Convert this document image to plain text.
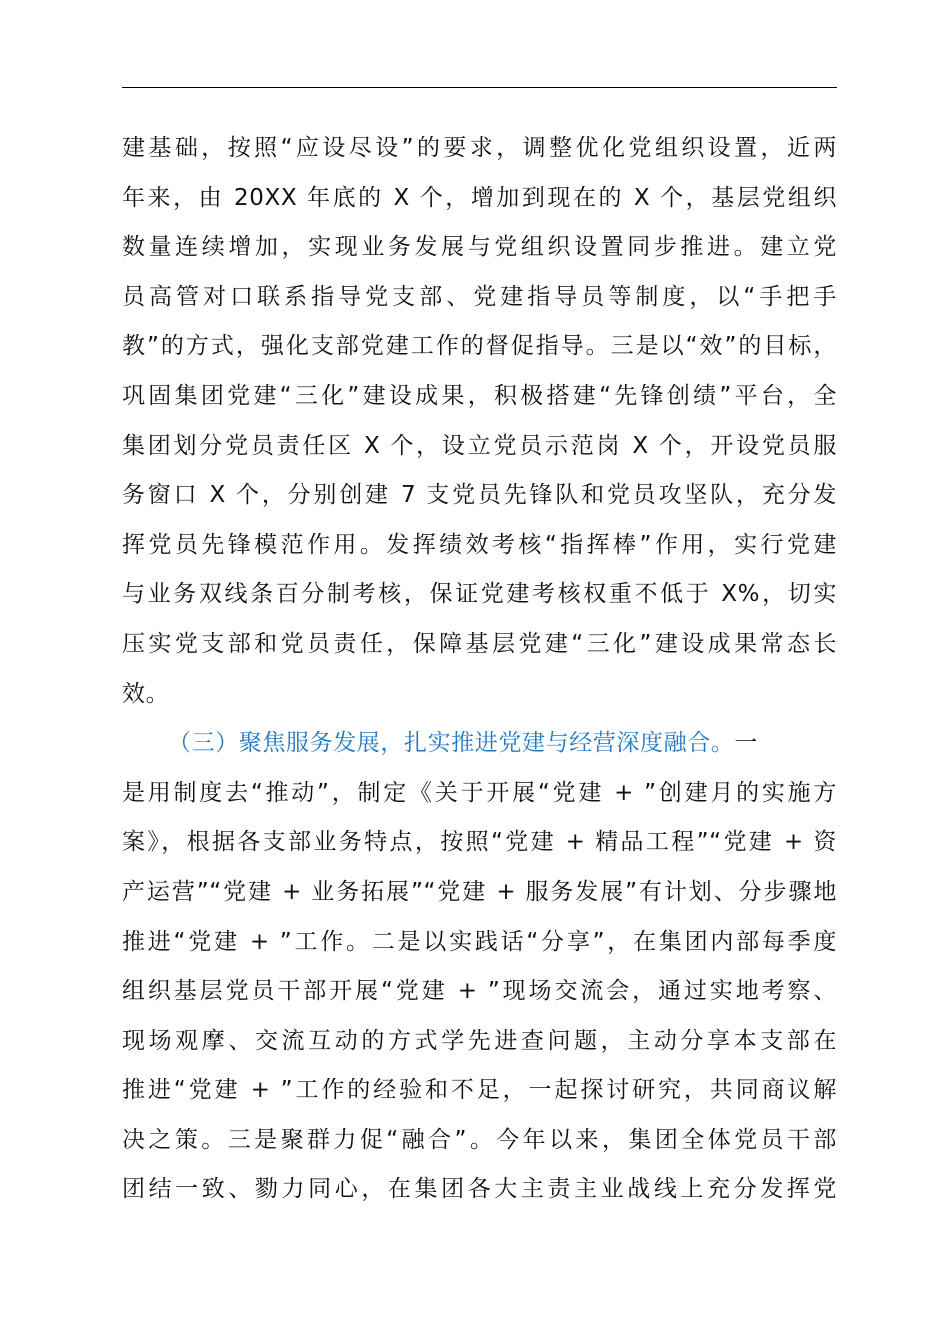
建基础，按照“应设尽设”的要求，调整优化党组织设置，近两
年来，由 20XX 年底的 X 个，增加到现在的 X 个，基层党组织
数量连续增加，实现业务发展与党组织设置同步推进。建立党
员高管对口联系指导党支部、党建指导员等制度，以“手把手
教”的方式，强化支部党建工作的督促指导。三是以“效”的目标，
巩固集团党建“三化”建设成果，积极搭建“先锋创绩”平台，全
集团划分党员责任区 X 个，设立党员示范岗 X 个，开设党员服
务窗口 X 个，分别创建 7 支党员先锋队和党员攻坚队，充分发
挥党员先锋模范作用。发挥绩效考核“指挥棒”作用，实行党建
与业务双线条百分制考核，保证党建考核权重不低于 X%，切实
压实党支部和党员责任，保障基层党建“三化”建设成果常态长
效。
（三）聚焦服务发展，扎实推进党建与经营深度融合。一
是用制度去“推动”，制定《关于开展“党建 + ”创建月的实施方
案》，根据各支部业务特点，按照“党建 + 精品工程”“党建 + 资
产运营”“党建 + 业务拓展”“党建 + 服务发展”有计划、分步骤地
推进“党建 + ”工作。二是以实践话“分享”，在集团内部每季度
组织基层党员干部开展“党建 + ”现场交流会，通过实地考察、
现场观摩、交流互动的方式学先进查问题，主动分享本支部在
推进“党建 + ”工作的经验和不足，一起探讨研究，共同商议解
决之策。三是聚群力促“融合”。今年以来，集团全体党员干部
团结一致、勠力同心，在集团各大主责主业战线上充分发挥党
